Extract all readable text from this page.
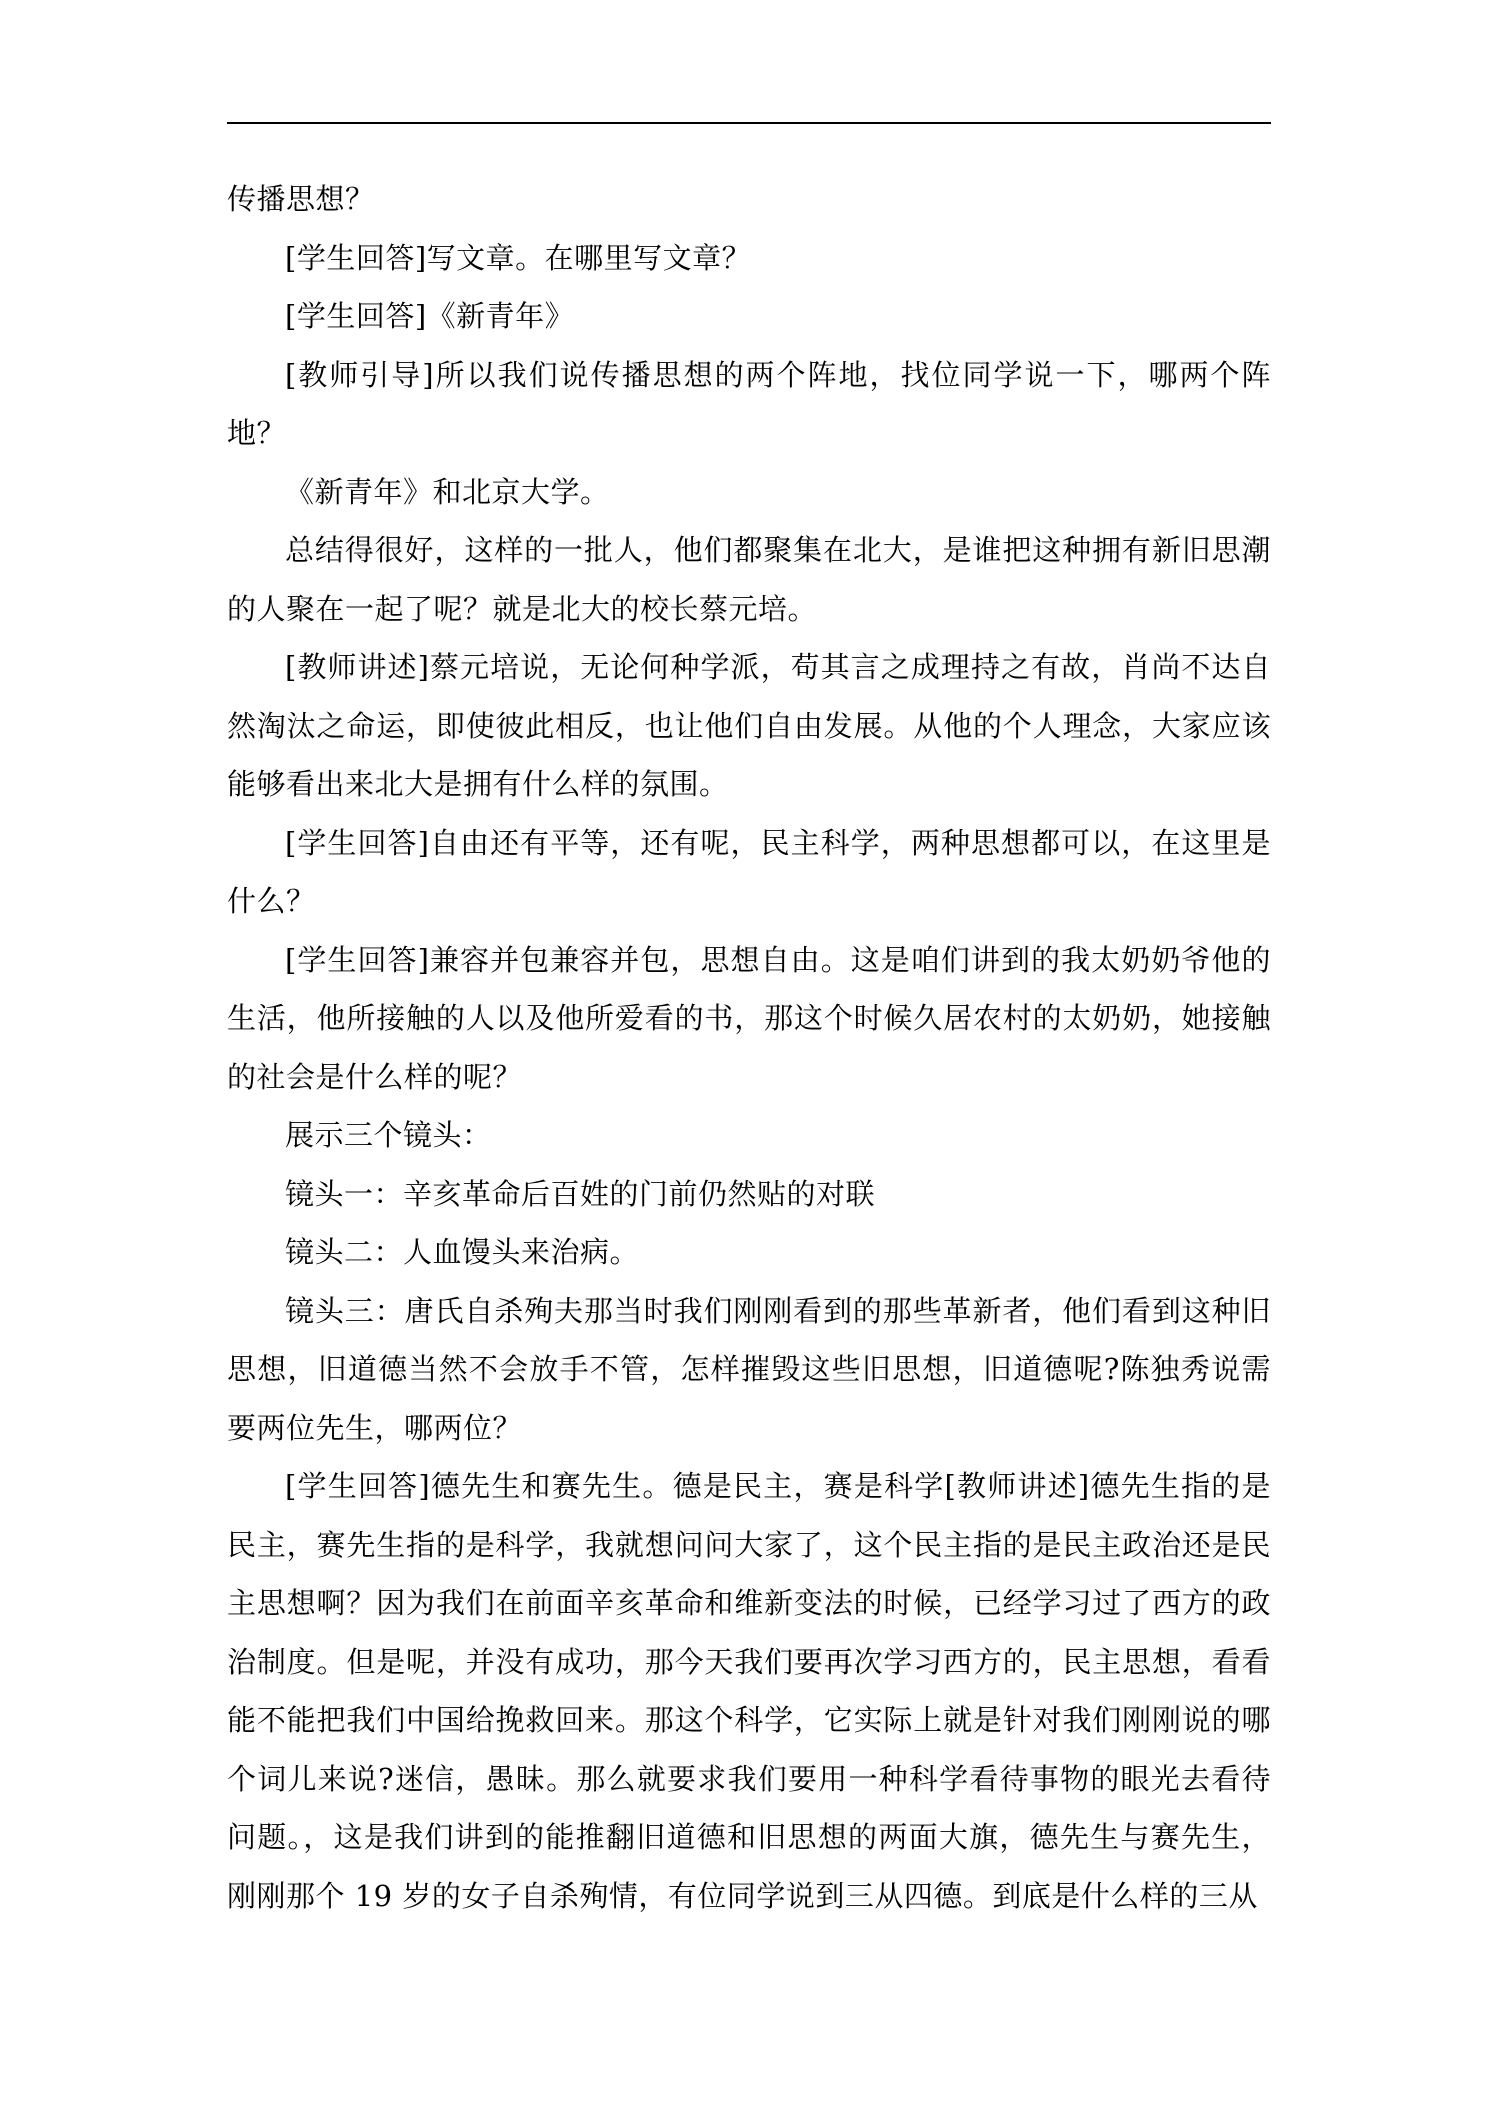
传播思想？

[学生回答]写文章。在哪里写文章？

[学生回答]《新青年》

[教师引导]所以我们说传播思想的两个阵地，找位同学说一下，哪两个阵地？

《新青年》和北京大学。

总结得很好，这样的一批人，他们都聚集在北大，是谁把这种拥有新旧思潮的人聚在一起了呢？就是北大的校长蔡元培。

[教师讲述]蔡元培说，无论何种学派，苟其言之成理持之有故，肖尚不达自然淘汰之命运，即使彼此相反，也让他们自由发展。从他的个人理念，大家应该能够看出来北大是拥有什么样的氛围。

[学生回答]自由还有平等，还有呢，民主科学，两种思想都可以，在这里是什么？

[学生回答]兼容并包兼容并包，思想自由。这是咱们讲到的我太奶奶爷他的生活，他所接触的人以及他所爱看的书，那这个时候久居农村的太奶奶，她接触的社会是什么样的呢？

展示三个镜头：

镜头一：辛亥革命后百姓的门前仍然贴的对联

镜头二：人血馒头来治病。

镜头三：唐氏自杀殉夫那当时我们刚刚看到的那些革新者，他们看到这种旧思想，旧道德当然不会放手不管，怎样摧毁这些旧思想，旧道德呢?陈独秀说需要两位先生，哪两位？

[学生回答]德先生和赛先生。德是民主，赛是科学[教师讲述]德先生指的是民主，赛先生指的是科学，我就想问问大家了，这个民主指的是民主政治还是民主思想啊？因为我们在前面辛亥革命和维新变法的时候，已经学习过了西方的政治制度。但是呢，并没有成功，那今天我们要再次学习西方的，民主思想，看看能不能把我们中国给挽救回来。那这个科学，它实际上就是针对我们刚刚说的哪个词儿来说?迷信，愚昧。那么就要求我们要用一种科学看待事物的眼光去看待问题。，这是我们讲到的能推翻旧道德和旧思想的两面大旗，德先生与赛先生，刚刚那个 19 岁的女子自杀殉情，有位同学说到三从四德。到底是什么样的三从
